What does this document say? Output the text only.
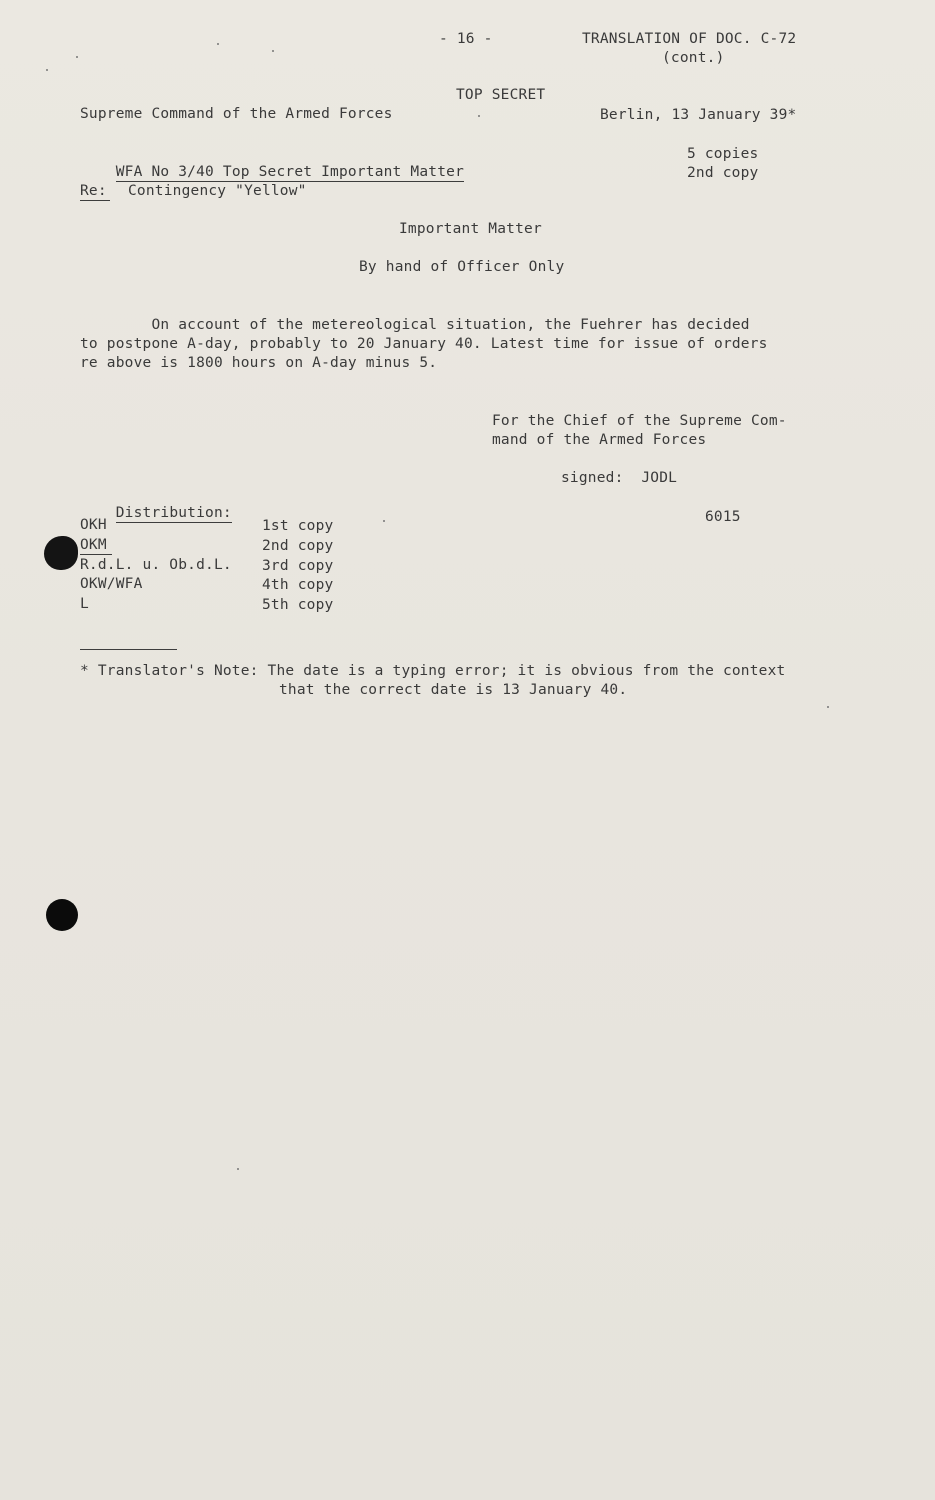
- 16 -	TRANSLATION OF DOC. C-72
(cont.)
TOP SECRET
Supreme Command of the Armed Forces	Berlin, 13 January 39*

WFA No 3/40 Top Secret Important Matter

5 copies
2nd copy
Re: Contingency "Yellow"
Important Matter
By hand of Officer Only
On account of the metereological situation, the Fuehrer has decided
to postpone A-day, probably to 20 January 40. Latest time for issue of orders
re above is 1800 hours on A-day minus 5.
For the Chief of the Supreme Com-
mand of the Armed Forces
signed:  JODL
6015

Distribution:

OKH	1st copy
OKM	2nd copy
R.d.L. u. Ob.d.L. 3rd copy
OKW/WFA	4th copy
L	5th copy
* Translator's Note: The date is a typing error; it is obvious from the context
that the correct date is 13 January 40.
